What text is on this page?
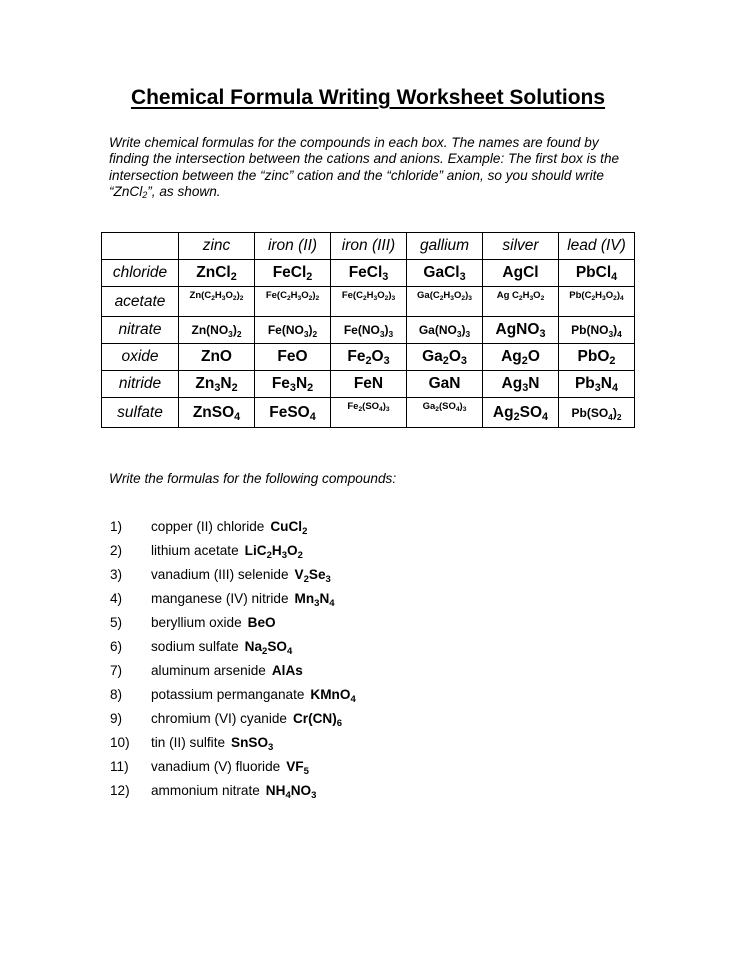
Chemical Formula Writing Worksheet Solutions
Write chemical formulas for the compounds in each box. The names are found by finding the intersection between the cations and anions. Example: The first box is the intersection between the “zinc” cation and the “chloride” anion, so you should write “ZnCl$_2$”, as shown.
	zinc	iron (II)	iron (III)	gallium	silver	lead (IV)
chloride	ZnCl$_2$	FeCl$_2$	FeCl$_3$	GaCl$_3$	AgCl	PbCl$_4$
acetate	$Zn(C_2H_3O_2)_2$	$Fe(C_2H_3O_2)_2$	$Fe(C_2H_3O_2)_3$	$Ga(C_2H_3O_2)_3$	Ag $C_2H_3O_2$	$Pb(C_2H_3O_2)_4$
nitrate	$Zn(NO_3)_2$	$Fe(NO_3)_2$	$Fe(NO_3)_3$	$Ga(NO_3)_3$	AgNO$_3$	$Pb(NO_3)_4$
oxide	ZnO	FeO	$Fe_2O_3$	$Ga_2O_3$	$Ag_2O$	PbO$_2$
nitride	$Zn_3N_2$	$Fe_3N_2$	FeN	GaN	$Ag_3N$	$Pb_3N_4$
sulfate	ZnSO$_4$	FeSO$_4$	$Fe_2(SO_4)_3$	$Ga_2(SO_4)_3$	$Ag_2SO_4$	$Pb(SO_4)_2$
Write the formulas for the following compounds:
1) copper (II) chloride CuCl$_2$
2) lithium acetate $LiC_2H_3O_2$
3) vanadium (III) selenide $V_2Se_3$
4) manganese (IV) nitride $Mn_3N_4$
5) beryllium oxide BeO
6) sodium sulfate $Na_2SO_4$
7) aluminum arsenide AlAs
8) potassium permanganate KMnO$_4$
9) chromium (VI) cyanide $Cr(CN)_6$
10) tin (II) sulfite SnSO$_3$
11) vanadium (V) fluoride $VF_5$
12) ammonium nitrate $NH_4NO_3$
